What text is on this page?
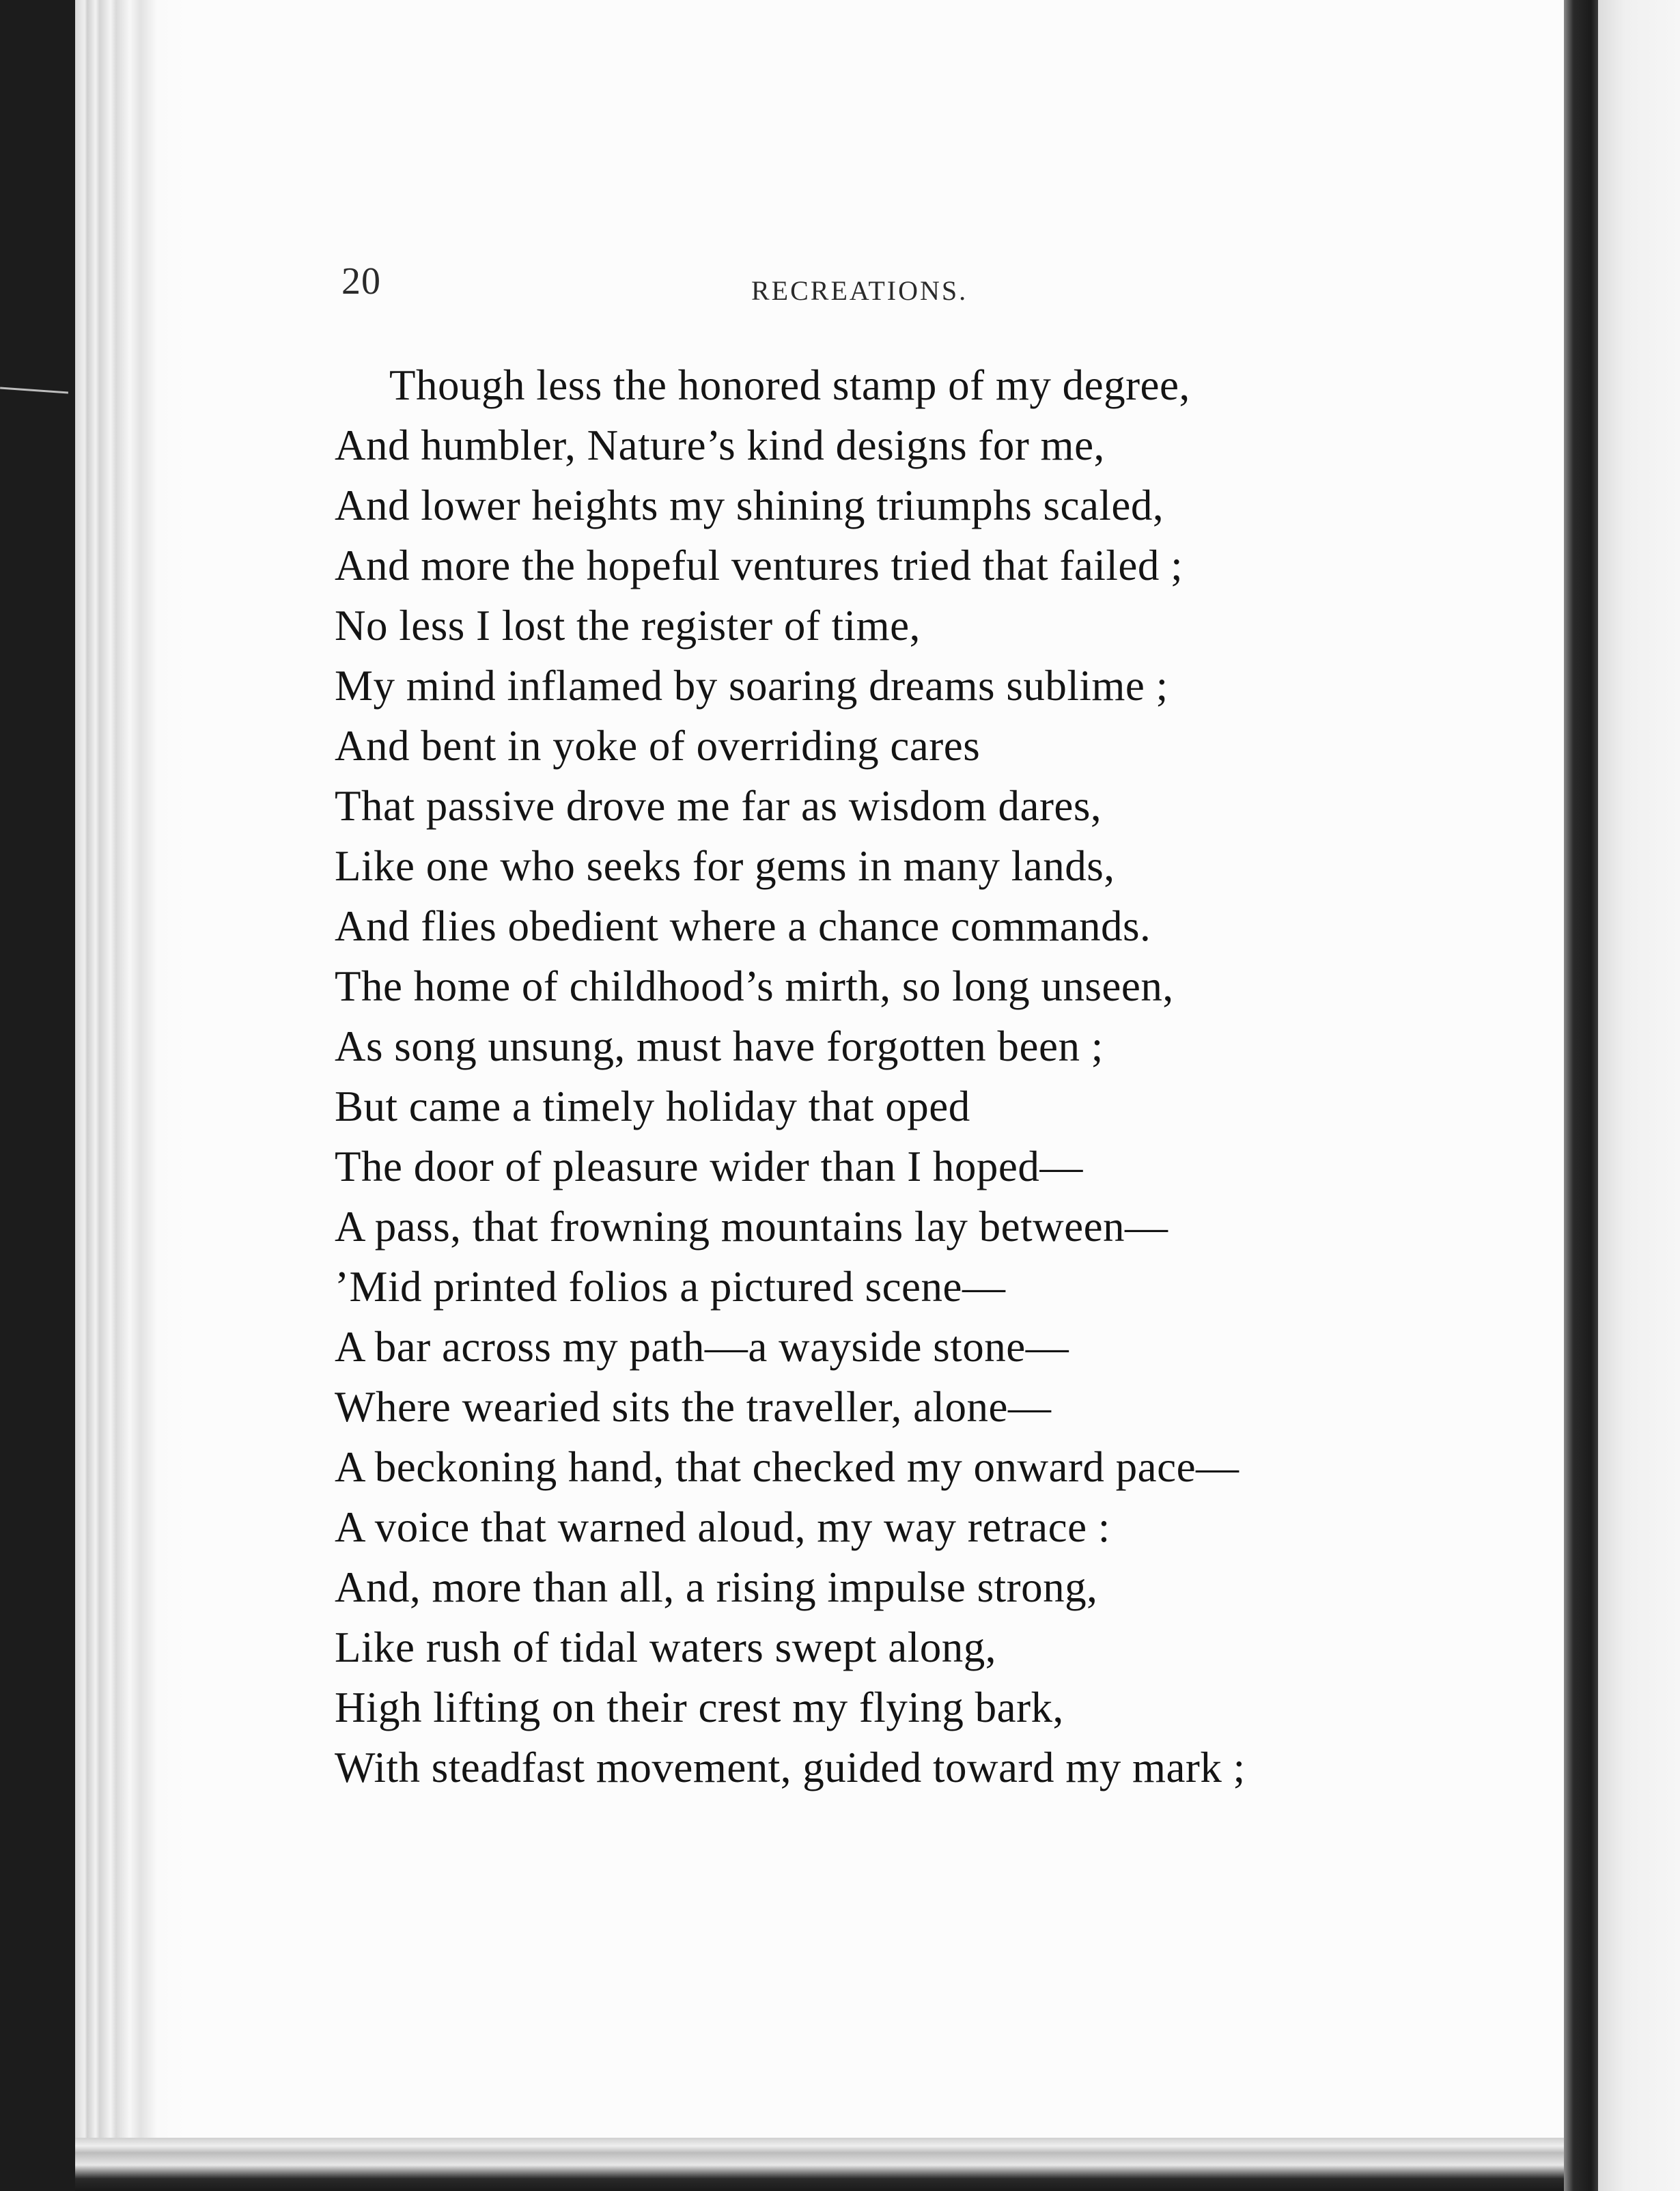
20	RECREATIONS.
Though less the honored stamp of my degree,
And humbler, Nature’s kind designs for me,
And lower heights my shining triumphs scaled,
And more the hopeful ventures tried that failed ;
No less I lost the register of time,
My mind inflamed by soaring dreams sublime ;
And bent in yoke of overriding cares
That passive drove me far as wisdom dares,
Like one who seeks for gems in many lands,
And flies obedient where a chance commands.
The home of childhood’s mirth, so long unseen,
As song unsung, must have forgotten been ;
But came a timely holiday that oped
The door of pleasure wider than I hoped—
A pass, that frowning mountains lay between—
’Mid printed folios a pictured scene—
A bar across my path—a wayside stone—
Where wearied sits the traveller, alone—
A beckoning hand, that checked my onward pace—
A voice that warned aloud, my way retrace :
And, more than all, a rising impulse strong,
Like rush of tidal waters swept along,
High lifting on their crest my flying bark,
With steadfast movement, guided toward my mark ;
